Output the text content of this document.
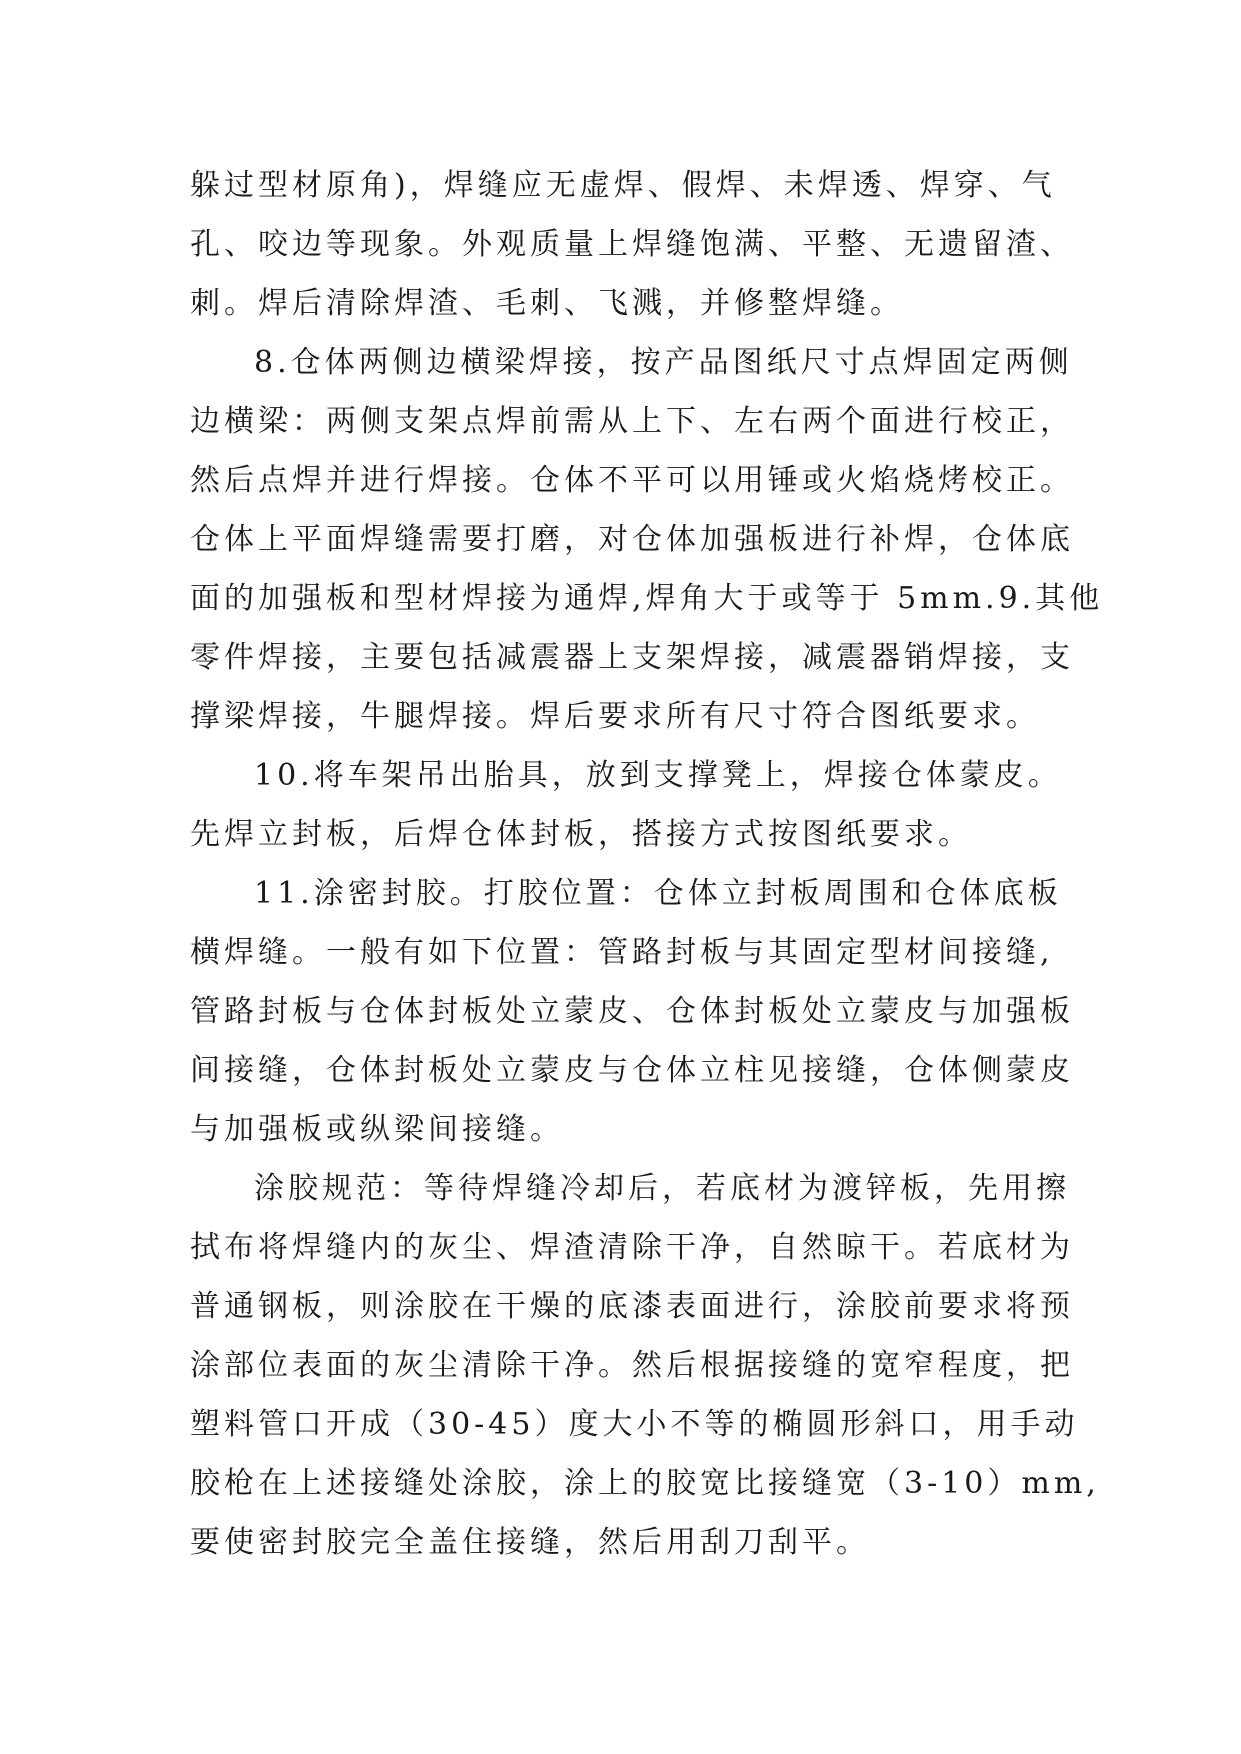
躲过型材原角)，焊缝应无虚焊、假焊、未焊透、焊穿、气
孔、咬边等现象。外观质量上焊缝饱满、平整、无遗留渣、
刺。焊后清除焊渣、毛刺、飞溅，并修整焊缝。
8.仓体两侧边横梁焊接，按产品图纸尺寸点焊固定两侧
边横梁：两侧支架点焊前需从上下、左右两个面进行校正，
然后点焊并进行焊接。仓体不平可以用锤或火焰烧烤校正。
仓体上平面焊缝需要打磨，对仓体加强板进行补焊，仓体底
面的加强板和型材焊接为通焊,焊角大于或等于 5mm.9.其他
零件焊接，主要包括减震器上支架焊接，减震器销焊接，支
撑梁焊接，牛腿焊接。焊后要求所有尺寸符合图纸要求。
10.将车架吊出胎具，放到支撑凳上，焊接仓体蒙皮。
先焊立封板，后焊仓体封板，搭接方式按图纸要求。
11.涂密封胶。打胶位置：仓体立封板周围和仓体底板
横焊缝。一般有如下位置：管路封板与其固定型材间接缝,
管路封板与仓体封板处立蒙皮、仓体封板处立蒙皮与加强板
间接缝，仓体封板处立蒙皮与仓体立柱见接缝，仓体侧蒙皮
与加强板或纵梁间接缝。
涂胶规范：等待焊缝冷却后，若底材为渡锌板，先用擦
拭布将焊缝内的灰尘、焊渣清除干净，自然晾干。若底材为
普通钢板，则涂胶在干燥的底漆表面进行，涂胶前要求将预
涂部位表面的灰尘清除干净。然后根据接缝的宽窄程度，把
塑料管口开成（30-45）度大小不等的椭圆形斜口，用手动
胶枪在上述接缝处涂胶，涂上的胶宽比接缝宽（3-10）mm,
要使密封胶完全盖住接缝，然后用刮刀刮平。
